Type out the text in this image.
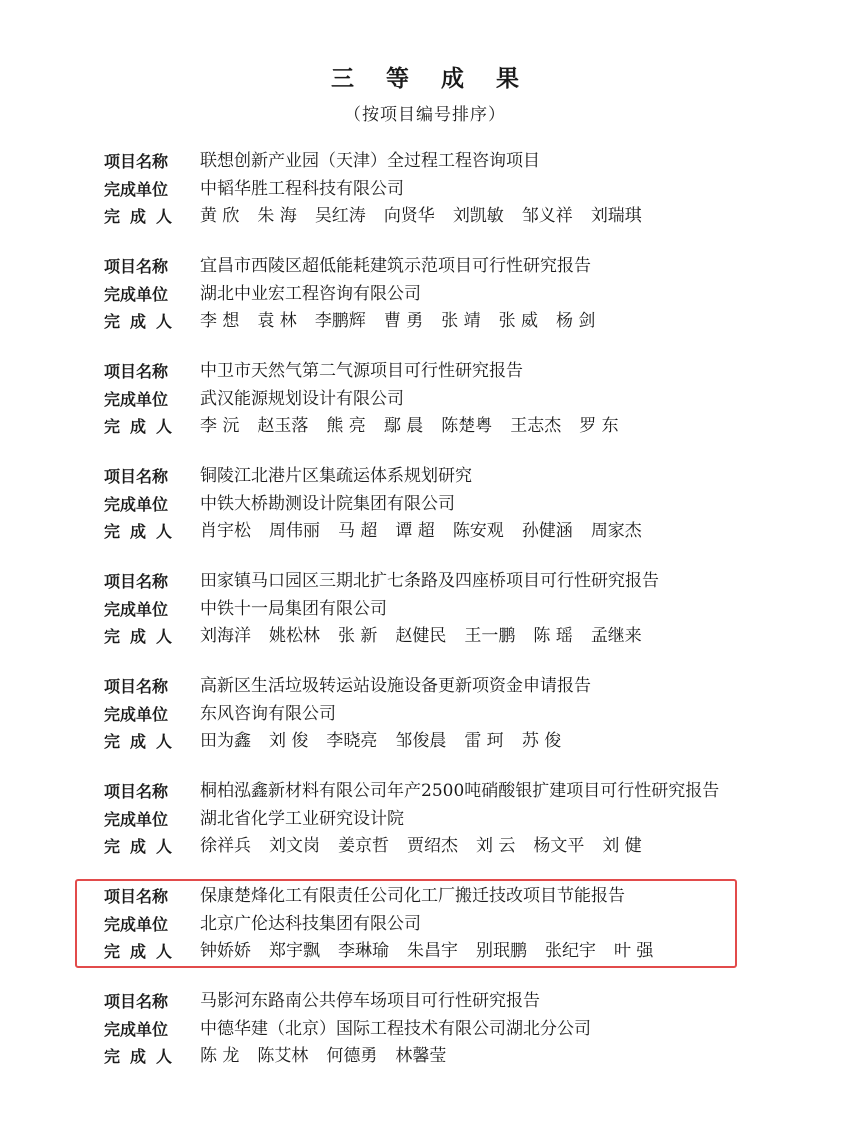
三 等 成 果
（按项目编号排序）
项目名称	联想创新产业园（天津）全过程工程咨询项目
完成单位	中韬华胜工程科技有限公司
完成人	黄 欣 朱 海 吴红涛 向贤华 刘凯敏 邹义祥 刘瑞琪
项目名称	宜昌市西陵区超低能耗建筑示范项目可行性研究报告
完成单位	湖北中业宏工程咨询有限公司
完成人	李 想 袁 林 李鹏辉 曹 勇 张 靖 张 威 杨 剑
项目名称	中卫市天然气第二气源项目可行性研究报告
完成单位	武汉能源规划设计有限公司
完成人	李 沅 赵玉落 熊 亮 鄢 晨 陈楚粤 王志杰 罗 东
项目名称	铜陵江北港片区集疏运体系规划研究
完成单位	中铁大桥勘测设计院集团有限公司
完成人	肖宇松 周伟丽 马 超 谭 超 陈安观 孙健涵 周家杰
项目名称	田家镇马口园区三期北扩七条路及四座桥项目可行性研究报告
完成单位	中铁十一局集团有限公司
完成人	刘海洋 姚松林 张 新 赵健民 王一鹏 陈 瑶 孟继来
项目名称	高新区生活垃圾转运站设施设备更新项资金申请报告
完成单位	东风咨询有限公司
完成人	田为鑫 刘 俊 李晓亮 邹俊晨 雷 珂 苏 俊
项目名称	桐柏泓鑫新材料有限公司年产2500吨硝酸银扩建项目可行性研究报告
完成单位	湖北省化学工业研究设计院
完成人	徐祥兵 刘文岗 姜京哲 贾绍杰 刘 云 杨文平 刘 健
项目名称	保康楚烽化工有限责任公司化工厂搬迁技改项目节能报告
完成单位	北京广伦达科技集团有限公司
完成人	钟娇娇 郑宇飘 李琳瑜 朱昌宇 别珉鹏 张纪宇 叶 强
项目名称	马影河东路南公共停车场项目可行性研究报告
完成单位	中德华建（北京）国际工程技术有限公司湖北分公司
完成人	陈 龙 陈艾林 何德勇 林馨莹
